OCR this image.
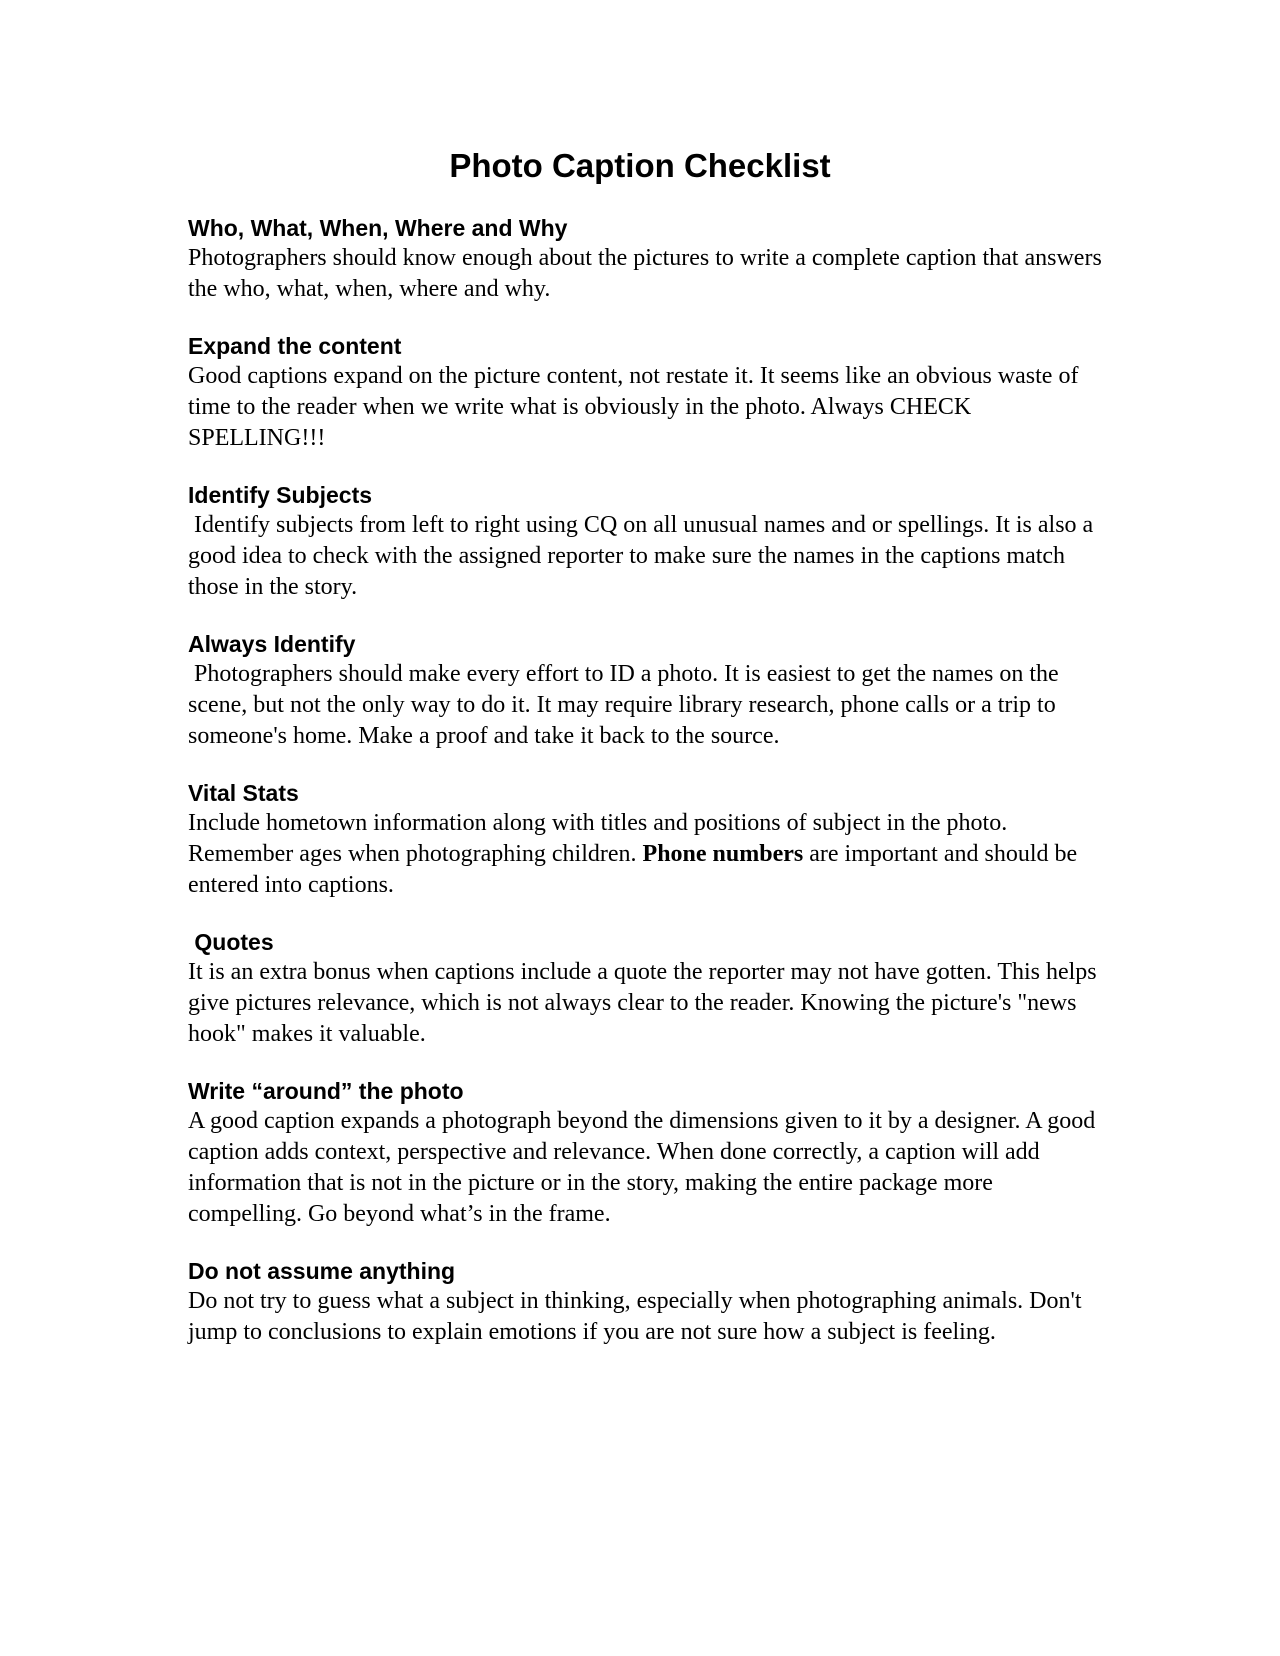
Photo Caption Checklist

Who, What, When, Where and Why

Photographers should know enough about the pictures to write a complete caption that answers the who, what, when, where and why.

Expand the content

Good captions expand on the picture content, not restate it. It seems like an obvious waste of time to the reader when we write what is obviously in the photo. Always CHECK SPELLING!!!

Identify Subjects

Identify subjects from left to right using CQ on all unusual names and or spellings. It is also a good idea to check with the assigned reporter to make sure the names in the captions match those in the story.

Always Identify

Photographers should make every effort to ID a photo. It is easiest to get the names on the scene, but not the only way to do it. It may require library research, phone calls or a trip to someone's home. Make a proof and take it back to the source.

Vital Stats

Include hometown information along with titles and positions of subject in the photo. Remember ages when photographing children. Phone numbers are important and should be entered into captions.

Quotes

It is an extra bonus when captions include a quote the reporter may not have gotten. This helps give pictures relevance, which is not always clear to the reader. Knowing the picture's "news hook" makes it valuable.

Write “around” the photo

A good caption expands a photograph beyond the dimensions given to it by a designer. A good caption adds context, perspective and relevance. When done correctly, a caption will add information that is not in the picture or in the story, making the entire package more compelling. Go beyond what’s in the frame.

Do not assume anything

Do not try to guess what a subject in thinking, especially when photographing animals. Don't jump to conclusions to explain emotions if you are not sure how a subject is feeling.
